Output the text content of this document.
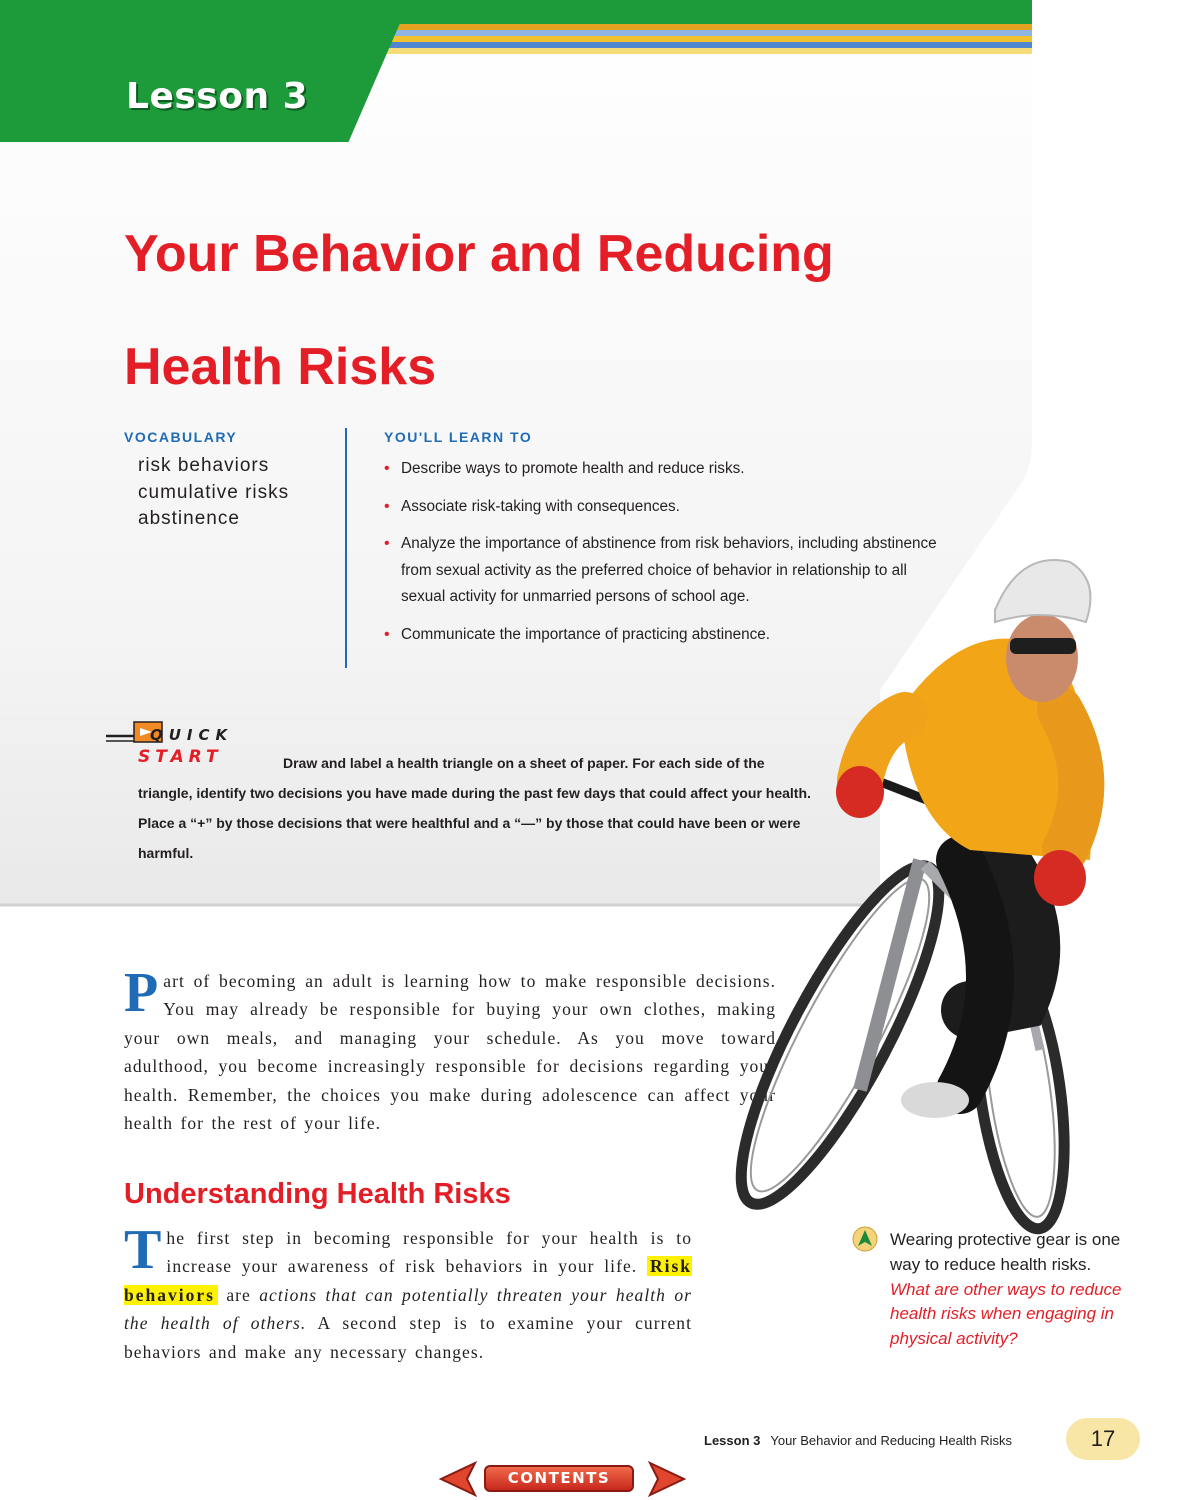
Lesson 3
Your Behavior and Reducing Health Risks
VOCABULARY
risk behaviors
cumulative risks
abstinence
YOU'LL LEARN TO
• Describe ways to promote health and reduce risks.
• Associate risk-taking with consequences.
• Analyze the importance of abstinence from risk behaviors, including abstinence from sexual activity as the preferred choice of behavior in relationship to all sexual activity for unmarried persons of school age.
• Communicate the importance of practicing abstinence.
QUICK
START	Draw and label a health triangle on a sheet of paper. For each side of the triangle, identify two decisions you have made during the past few days that could affect your health. Place a “+” by those decisions that were healthful and a “—” by those that could have been or were harmful.

Part of becoming an adult is learning how to make responsible decisions. You may already be responsible for buying your own clothes, making your own meals, and managing your schedule. As you move toward adulthood, you become increasingly responsible for decisions regarding your health. Remember, the choices you make during adolescence can affect your health for the rest of your life.
Understanding Health Risks
The first step in becoming responsible for your health is to increase your awareness of risk behaviors in your life. Risk behaviors are actions that can potentially threaten your health or the health of others. A second step is to examine your current behaviors and make any necessary changes.

Wearing protective gear is one way to reduce health risks. What are other ways to reduce health risks when engaging in physical activity?

Lesson 3 Your Behavior and Reducing Health Risks	17
CONTENTS
